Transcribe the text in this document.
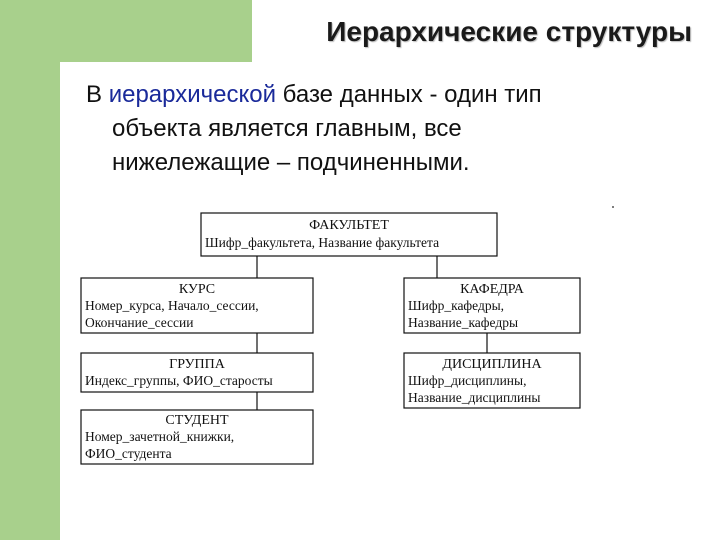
Иерархические структуры

В иерархической базе данных - один тип
объекта является главным, все
нижележащие – подчиненными.

ФАКУЛЬТЕТ
Шифр_факультета, Название факультета
КУРС
Номер_курса, Начало_сессии,
Окончание_сессии
ГРУППА
Индекс_группы, ФИО_старосты
СТУДЕНТ
Номер_зачетной_книжки,
ФИО_студента
КАФЕДРА
Шифр_кафедры,
Название_кафедры
ДИСЦИПЛИНА
Шифр_дисциплины,
Название_дисциплины
